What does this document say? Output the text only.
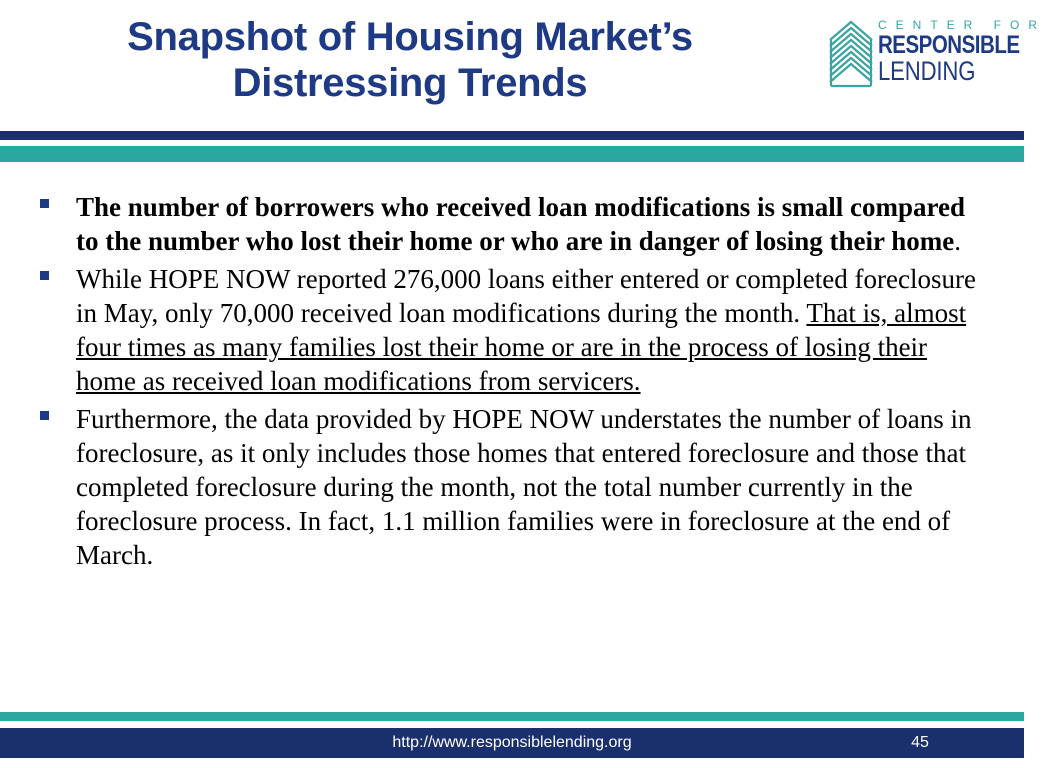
Snapshot of Housing Market’s
Distressing Trends
CENTER FOR
RESPONSIBLE
LENDING
The number of borrowers who received loan modifications is small compared to the number who lost their home or who are in danger of losing their home.
While HOPE NOW reported 276,000 loans either entered or completed foreclosure in May, only 70,000 received loan modifications during the month. That is, almost four times as many families lost their home or are in the process of losing their home as received loan modifications from servicers.
Furthermore, the data provided by HOPE NOW understates the number of loans in foreclosure, as it only includes those homes that entered foreclosure and those that completed foreclosure during the month, not the total number currently in the foreclosure process. In fact, 1.1 million families were in foreclosure at the end of March.
http://www.responsiblelending.org	45
